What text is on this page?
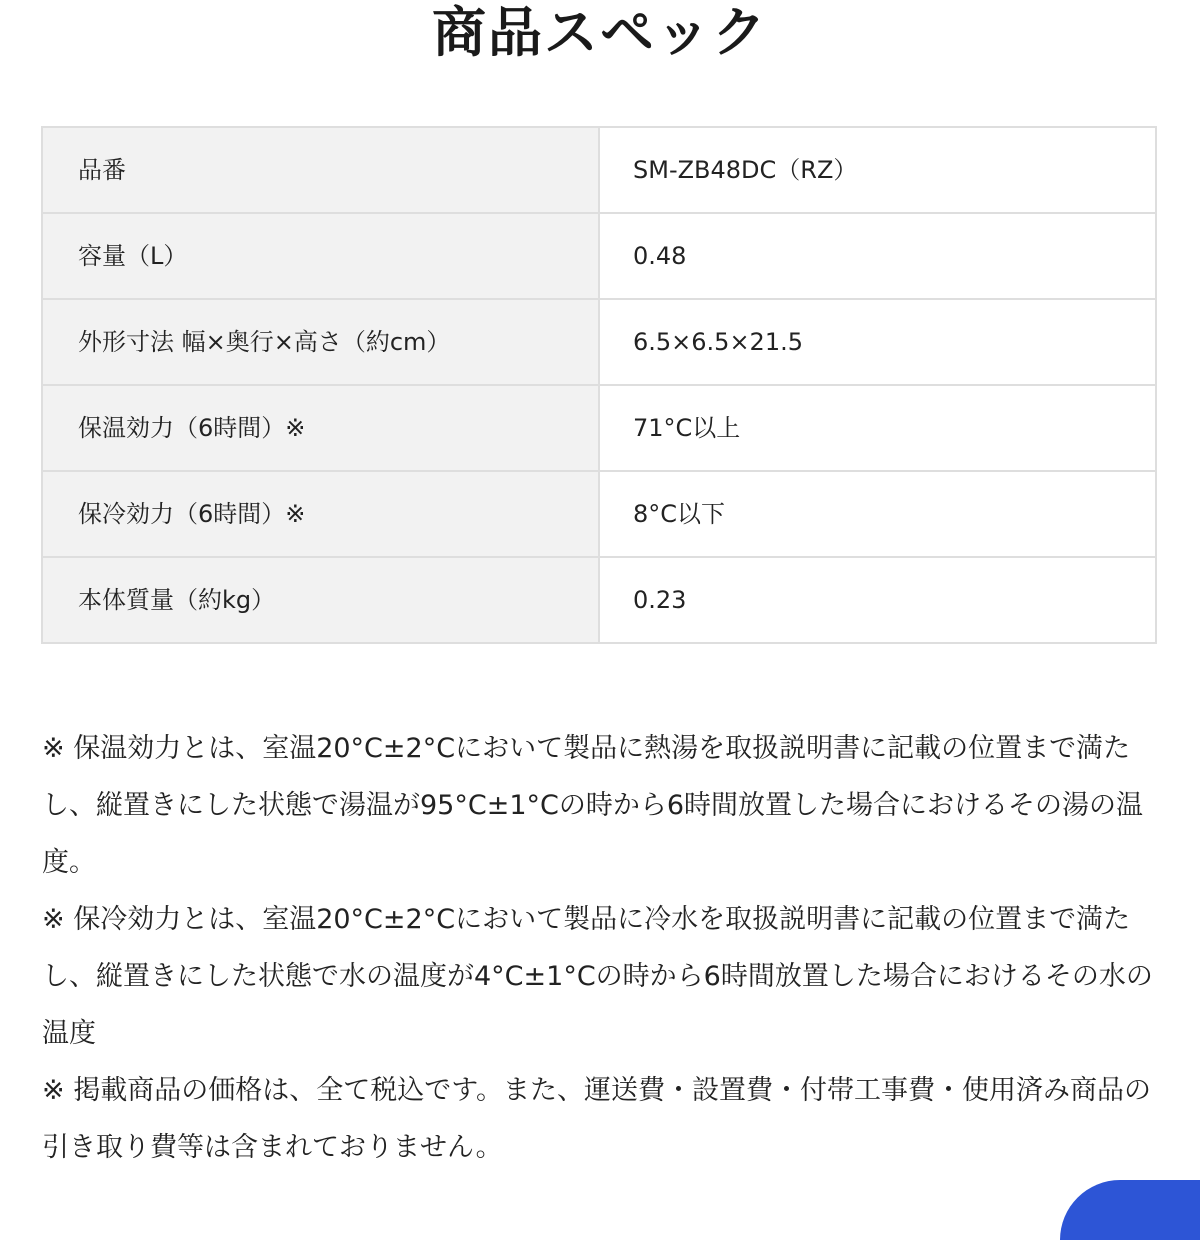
商品スペック
品番	SM-ZB48DC（RZ）
容量（L）	0.48
外形寸法 幅×奥行×高さ（約cm）	6.5×6.5×21.5
保温効力（6時間）※	71°C以上
保冷効力（6時間）※	8°C以下
本体質量（約kg）	0.23
※ 保温効力とは、室温20°C±2°Cにおいて製品に熱湯を取扱説明書に記載の位置まで満たし、縦置きにした状態で湯温が95°C±1°Cの時から6時間放置した場合におけるその湯の温度。
※ 保冷効力とは、室温20°C±2°Cにおいて製品に冷水を取扱説明書に記載の位置まで満たし、縦置きにした状態で水の温度が4°C±1°Cの時から6時間放置した場合におけるその水の温度
※ 掲載商品の価格は、全て税込です。また、運送費・設置費・付帯工事費・使用済み商品の引き取り費等は含まれておりません。
